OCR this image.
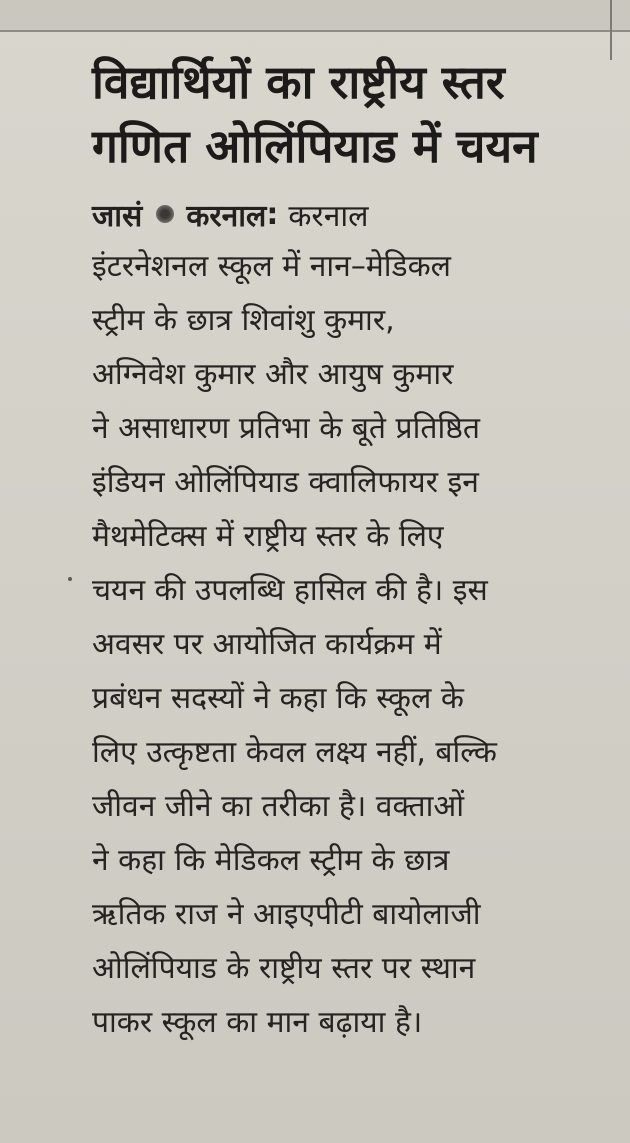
विद्यार्थियों का राष्ट्रीय स्तर
गणित ओलिंपियाड में चयन
जासं करनाल : करनाल
इंटरनेशनल स्कूल में नान–मेडिकल
स्ट्रीम के छात्र शिवांशु कुमार,
अग्निवेश कुमार और आयुष कुमार
ने असाधारण प्रतिभा के बूते प्रतिष्ठित
इंडियन ओलिंपियाड क्वालिफायर इन
मैथमेटिक्स में राष्ट्रीय स्तर के लिए
चयन की उपलब्धि हासिल की है। इस
अवसर पर आयोजित कार्यक्रम में
प्रबंधन सदस्यों ने कहा कि स्कूल के
लिए उत्कृष्टता केवल लक्ष्य नहीं, बल्कि
जीवन जीने का तरीका है। वक्ताओं
ने कहा कि मेडिकल स्ट्रीम के छात्र
ऋतिक राज ने आइएपीटी बायोलाजी
ओलिंपियाड के राष्ट्रीय स्तर पर स्थान
पाकर स्कूल का मान बढ़ाया है।
